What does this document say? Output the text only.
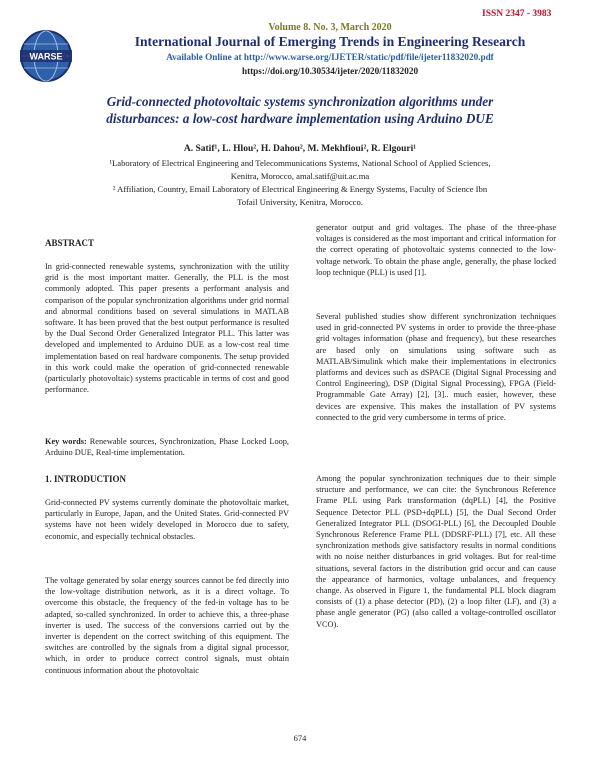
ISSN 2347 - 3983
WARSE
Volume 8. No. 3, March 2020
International Journal of Emerging Trends in Engineering Research
Available Online at http://www.warse.org/IJETER/static/pdf/file/ijeter11832020.pdf
https://doi.org/10.30534/ijeter/2020/11832020
Grid-connected photovoltaic systems synchronization algorithms under
disturbances: a low-cost hardware implementation using Arduino DUE
A. Satif¹, L. Hlou², H. Dahou², M. Mekhfioui², R. Elgouri¹
¹Laboratory of Electrical Engineering and Telecommunications Systems, National School of Applied Sciences,
Kenitra, Morocco, amal.satif@uit.ac.ma
² Affiliation, Country, Email Laboratory of Electrical Engineering & Energy Systems, Faculty of Science Ibn
Tofail University, Kenitra, Morocco.

ABSTRACT

In grid-connected renewable systems, synchronization with the utility grid is the most important matter. Generally, the PLL is the most commonly adopted. This paper presents a performant analysis and comparison of the popular synchronization algorithms under grid normal and abnormal conditions based on several simulations in MATLAB software. It has been proved that the best output performance is resulted by the Dual Second Order Generalized Integrator PLL. This latter was developed and implemented to Arduino DUE as a low-cost real time implementation based on real hardware components. The setup provided in this work could make the operation of grid-connected renewable (particularly photovoltaic) systems practicable in terms of cost and good performance.

Key words: Renewable sources, Synchronization, Phase Locked Loop, Arduino DUE, Real-time implementation.

1. INTRODUCTION

Grid-connected PV systems currently dominate the photovoltaic market, particularly in Europe, Japan, and the United States. Grid-connected PV systems have not been widely developed in Morocco due to safety, economic, and especially technical obstacles.

The voltage generated by solar energy sources cannot be fed directly into the low-voltage distribution network, as it is a direct voltage. To overcome this obstacle, the frequency of the fed-in voltage has to be adapted, so-called synchronized. In order to achieve this, a three-phase inverter is used. The success of the conversions carried out by the inverter is dependent on the correct switching of this equipment. The switches are controlled by the signals from a digital signal processor, which, in order to produce correct control signals, must obtain continuous information about the photovoltaic

generator output and grid voltages. The phase of the three-phase voltages is considered as the most important and critical information for the correct operating of photovoltaic systems connected to the low-voltage network. To obtain the phase angle, generally, the phase locked loop technique (PLL) is used [1].

Several published studies show different synchronization techniques used in grid-connected PV systems in order to provide the three-phase grid voltages information (phase and frequency), but these researches are based only on simulations using software such as MATLAB/Simulink which make their implementations in electronics platforms and devices such as dSPACE (Digital Signal Processing and Control Engineering), DSP (Digital Signal Processing), FPGA (Field-Programmable Gate Array) [2], [3].. much easier, however, these devices are expensive. This makes the installation of PV systems connected to the grid very cumbersome in terms of price.

Among the popular synchronization techniques due to their simple structure and performance, we can cite: the Synchronous Reference Frame PLL using Park transformation (dqPLL) [4], the Positive Sequence Detector PLL (PSD+dqPLL) [5], the Dual Second Order Generalized Integrator PLL (DSOGI-PLL) [6], the Decoupled Double Synchronous Reference Frame PLL (DDSRF-PLL) [7], etc. All these synchronization methods give satisfactory results in normal conditions with no noise neither disturbances in grid voltages. But for real-time situations, several factors in the distribution grid occur and can cause the appearance of harmonics, voltage unbalances, and frequency change. As observed in Figure 1, the fundamental PLL block diagram consists of (1) a phase detector (PD), (2) a loop filter (LF), and (3) a phase angle generator (PG) (also called a voltage-controlled oscillator VCO).

674
